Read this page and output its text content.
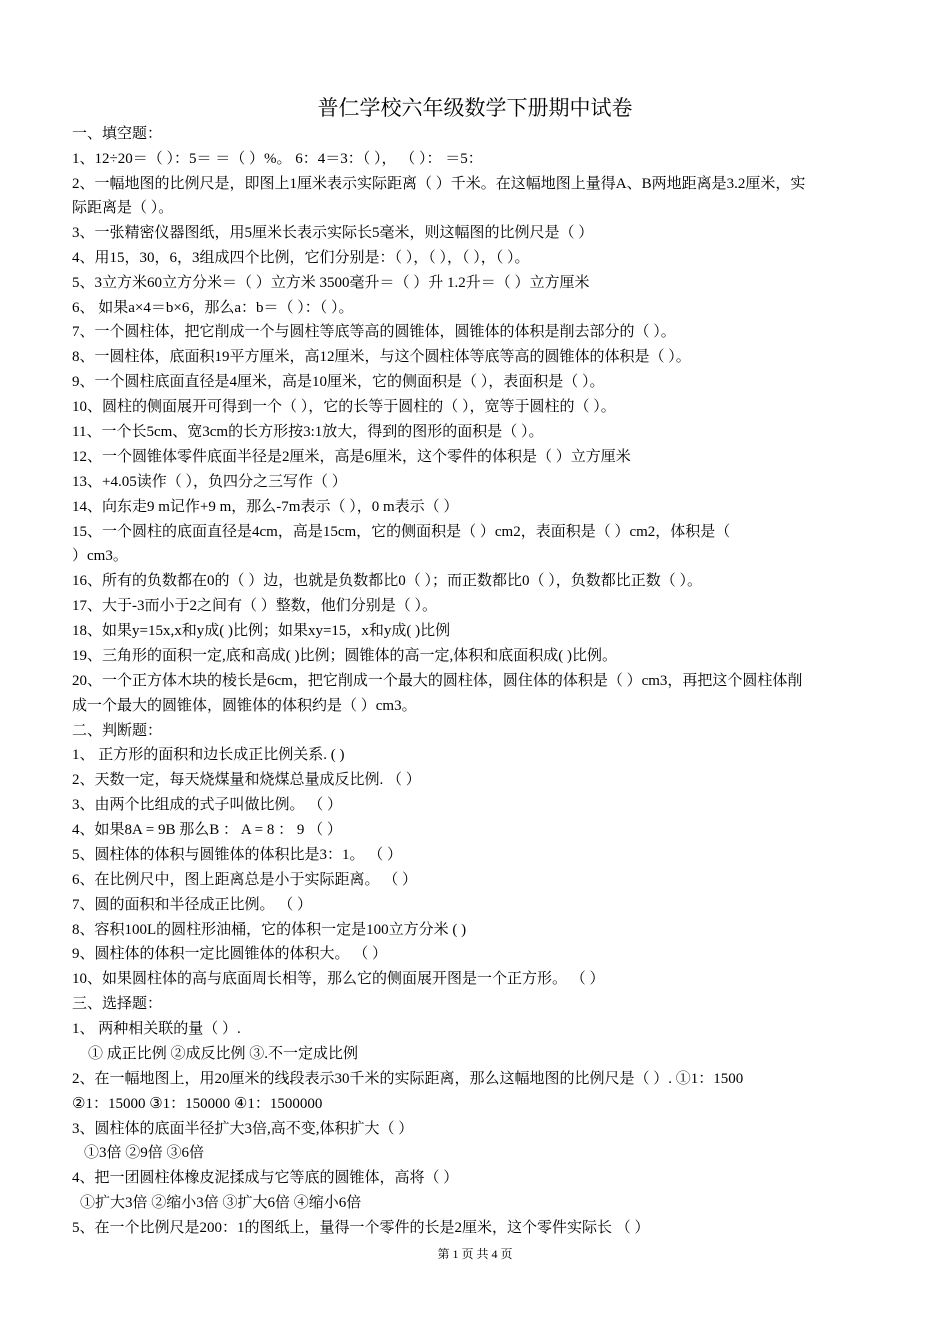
普仁学校六年级数学下册期中试卷
一、填空题：
1、12÷20＝（ ）：5＝ ＝（ ）%。 6：4＝3：（ ）， （ ）： ＝5：
2、一幅地图的比例尺是，即图上1厘米表示实际距离（ ）千米。在这幅地图上量得A、B两地距离是3.2厘米，实
际距离是（ ）。
3、一张精密仪器图纸，用5厘米长表示实际长5毫米，则这幅图的比例尺是（ ）
4、用15，30，6，3组成四个比例，它们分别是：（ ），（ ），（ ），（ ）。
5、3立方米60立方分米＝（ ）立方米 3500毫升＝（ ）升 1.2升＝（ ）立方厘米
6、 如果a×4＝b×6，那么a：b＝（ ）：（ ）。
7、一个圆柱体，把它削成一个与圆柱等底等高的圆锥体，圆锥体的体积是削去部分的（ ）。
8、一圆柱体，底面积19平方厘米，高12厘米，与这个圆柱体等底等高的圆锥体的体积是（ ）。
9、一个圆柱底面直径是4厘米，高是10厘米，它的侧面积是（ ），表面积是（ ）。
10、圆柱的侧面展开可得到一个（ ），它的长等于圆柱的（ ），宽等于圆柱的（ ）。
11、一个长5cm、宽3cm的长方形按3:1放大，得到的图形的面积是（ ）。
12、一个圆锥体零件底面半径是2厘米，高是6厘米，这个零件的体积是（ ）立方厘米
13、+4.05读作（ ），负四分之三写作（ ）
14、向东走9 m记作+9 m，那么-7m表示（ ），0 m表示（ ）
15、一个圆柱的底面直径是4cm，高是15cm，它的侧面积是（ ）cm2，表面积是（ ）cm2，体积是（
）cm3。
16、所有的负数都在0的（ ）边，也就是负数都比0（ ）；而正数都比0（ ），负数都比正数（ ）。
17、大于-3而小于2之间有（ ）整数，他们分别是（ ）。
18、如果y=15x,x和y成( )比例；如果xy=15，x和y成( )比例
19、三角形的面积一定,底和高成( )比例；圆锥体的高一定,体积和底面积成( )比例。
20、一个正方体木块的棱长是6cm，把它削成一个最大的圆柱体，圆住体的体积是（ ）cm3，再把这个圆柱体削
成一个最大的圆锥体，圆锥体的体积约是（ ）cm3。
二、判断题：
1、 正方形的面积和边长成正比例关系. ( )
2、天数一定，每天烧煤量和烧煤总量成反比例. （ ）
3、由两个比组成的式子叫做比例。 （ ）
4、如果8A = 9B 那么B ： A = 8 ： 9 （ ）
5、圆柱体的体积与圆锥体的体积比是3：1。 （ ）
6、在比例尺中，图上距离总是小于实际距离。 （ ）
7、圆的面积和半径成正比例。 （ ）
8、容积100L的圆柱形油桶，它的体积一定是100立方分米 ( )
9、圆柱体的体积一定比圆锥体的体积大。 （ ）
10、如果圆柱体的高与底面周长相等，那么它的侧面展开图是一个正方形。 （ ）
三、选择题：
1、 两种相关联的量（ ）.
① 成正比例 ②成反比例 ③.不一定成比例
2、在一幅地图上，用20厘米的线段表示30千米的实际距离，那么这幅地图的比例尺是（ ）. ①1：1500
②1：15000 ③1：150000 ④1：1500000
3、圆柱体的底面半径扩大3倍,高不变,体积扩大（ ）
①3倍 ②9倍 ③6倍
4、把一团圆柱体橡皮泥揉成与它等底的圆锥体，高将（ ）
①扩大3倍 ②缩小3倍 ③扩大6倍 ④缩小6倍
5、在一个比例尺是200：1的图纸上，量得一个零件的长是2厘米，这个零件实际长 （ ）
第 1 页 共 4 页
